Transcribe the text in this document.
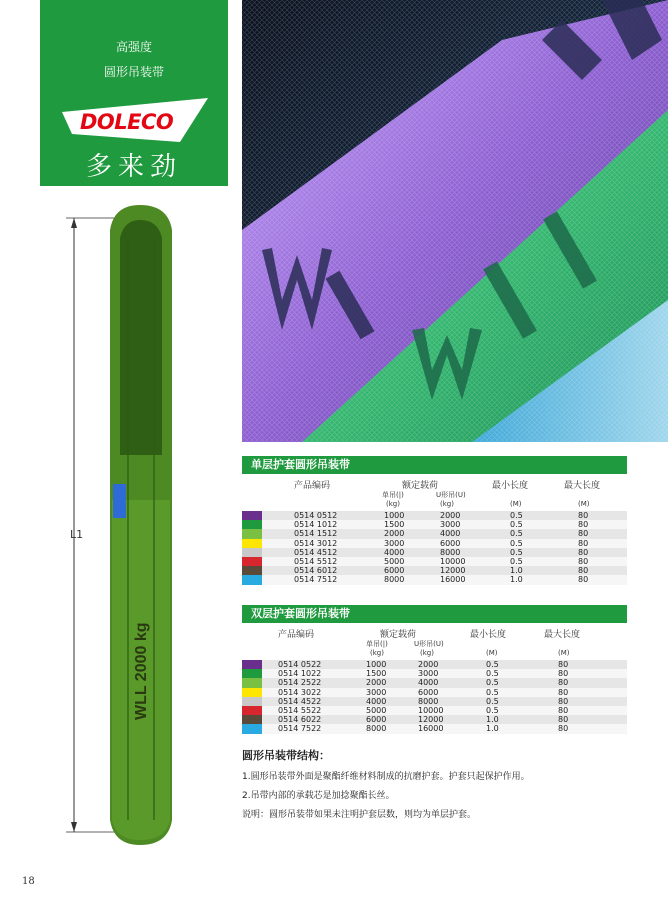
高强度
圆形吊装带
DOLECO
多来劲
WLL 2000 kg
L1
单层护套圆形吊装带
产品编码	额定载荷	最小长度	最大长度
单吊(|)	U形吊(U)
(kg)	(kg)	(M)	(M)
0514 0512	1000	2000	0.5	80
0514 1012	1500	3000	0.5	80
0514 1512	2000	4000	0.5	80
0514 3012	3000	6000	0.5	80
0514 4512	4000	8000	0.5	80
0514 5512	5000	10000	0.5	80
0514 6012	6000	12000	1.0	80
0514 7512	8000	16000	1.0	80
双层护套圆形吊装带
产品编码	额定载荷	最小长度	最大长度
单吊(|)	U形吊(U)
(kg)	(kg)	(M)	(M)
0514 0522	1000	2000	0.5	80
0514 1022	1500	3000	0.5	80
0514 2522	2000	4000	0.5	80
0514 3022	3000	6000	0.5	80
0514 4522	4000	8000	0.5	80
0514 5522	5000	10000	0.5	80
0514 6022	6000	12000	1.0	80
0514 7522	8000	16000	1.0	80
圆形吊装带结构：
1.圆形吊装带外面是聚酯纤维材料制成的抗磨护套。护套只起保护作用。
2.吊带内部的承载芯是加捻聚酯长丝。
说明：圆形吊装带如果未注明护套层数，则均为单层护套。
18
